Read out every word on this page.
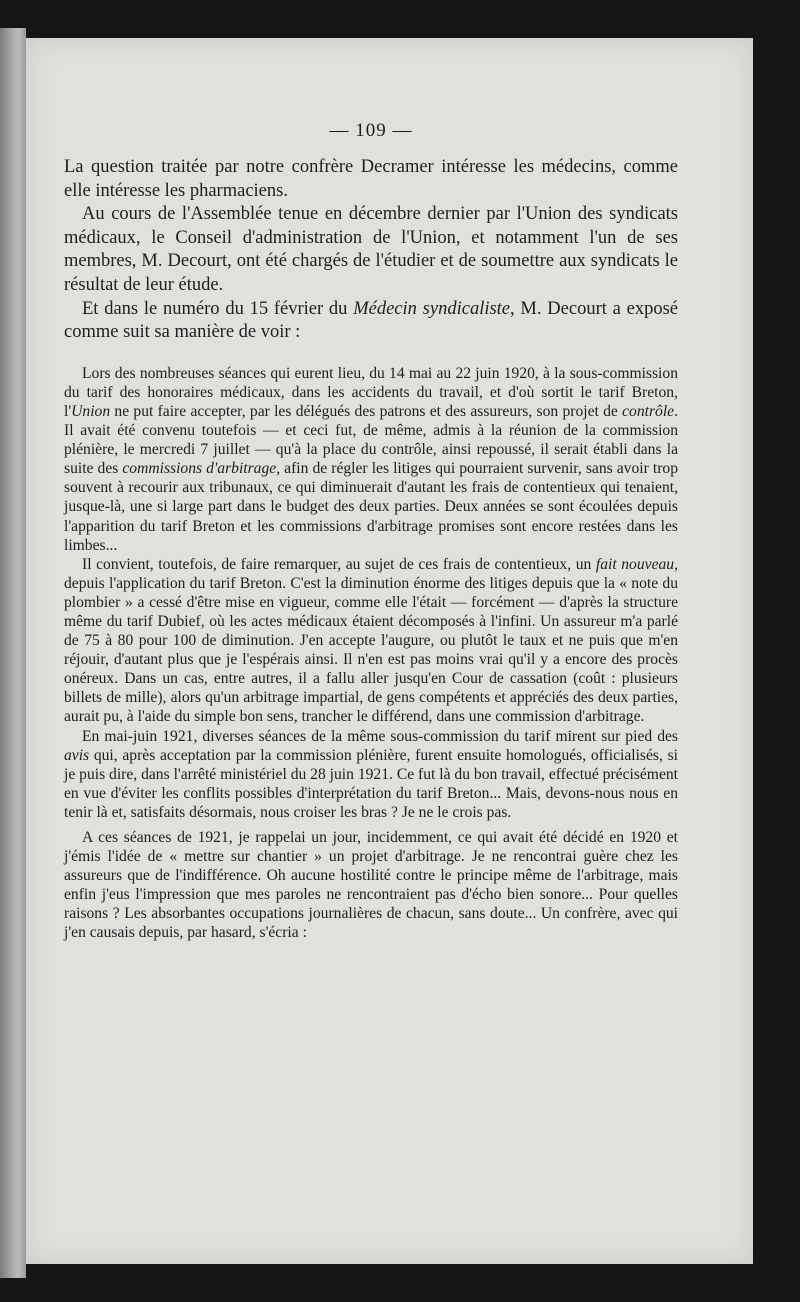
— 109 —

La question traitée par notre confrère Decramer intéresse les médecins, comme elle intéresse les pharmaciens.

Au cours de l'Assemblée tenue en décembre dernier par l'Union des syndicats médicaux, le Conseil d'administration de l'Union, et notamment l'un de ses membres, M. Decourt, ont été chargés de l'étudier et de soumettre aux syndicats le résultat de leur étude.

Et dans le numéro du 15 février du Médecin syndicaliste, M. Decourt a exposé comme suit sa manière de voir :

Lors des nombreuses séances qui eurent lieu, du 14 mai au 22 juin 1920, à la sous-commission du tarif des honoraires médicaux, dans les accidents du travail, et d'où sortit le tarif Breton, l'Union ne put faire accepter, par les délégués des patrons et des assureurs, son projet de contrôle. Il avait été convenu toutefois — et ceci fut, de même, admis à la réunion de la commission plénière, le mercredi 7 juillet — qu'à la place du contrôle, ainsi repoussé, il serait établi dans la suite des commissions d'arbitrage, afin de régler les litiges qui pourraient survenir, sans avoir trop souvent à recourir aux tribunaux, ce qui diminuerait d'autant les frais de contentieux qui tenaient, jusque-là, une si large part dans le budget des deux parties. Deux années se sont écoulées depuis l'apparition du tarif Breton et les commissions d'arbitrage promises sont encore restées dans les limbes...

Il convient, toutefois, de faire remarquer, au sujet de ces frais de contentieux, un fait nouveau, depuis l'application du tarif Breton. C'est la diminution énorme des litiges depuis que la « note du plombier » a cessé d'être mise en vigueur, comme elle l'était — forcément — d'après la structure même du tarif Dubief, où les actes médicaux étaient décomposés à l'infini. Un assureur m'a parlé de 75 à 80 pour 100 de diminution. J'en accepte l'augure, ou plutôt le taux et ne puis que m'en réjouir, d'autant plus que je l'espérais ainsi. Il n'en est pas moins vrai qu'il y a encore des procès onéreux. Dans un cas, entre autres, il a fallu aller jusqu'en Cour de cassation (coût : plusieurs billets de mille), alors qu'un arbitrage impartial, de gens compétents et appréciés des deux parties, aurait pu, à l'aide du simple bon sens, trancher le différend, dans une commission d'arbitrage.

En mai-juin 1921, diverses séances de la même sous-commission du tarif mirent sur pied des avis qui, après acceptation par la commission plénière, furent ensuite homologués, officialisés, si je puis dire, dans l'arrêté ministériel du 28 juin 1921. Ce fut là du bon travail, effectué précisément en vue d'éviter les conflits possibles d'interprétation du tarif Breton... Mais, devons-nous nous en tenir là et, satisfaits désormais, nous croiser les bras ? Je ne le crois pas.

A ces séances de 1921, je rappelai un jour, incidemment, ce qui avait été décidé en 1920 et j'émis l'idée de « mettre sur chantier » un projet d'arbitrage. Je ne rencontrai guère chez les assureurs que de l'indifférence. Oh aucune hostilité contre le principe même de l'arbitrage, mais enfin j'eus l'impression que mes paroles ne rencontraient pas d'écho bien sonore... Pour quelles raisons ? Les absorbantes occupations journalières de chacun, sans doute... Un confrère, avec qui j'en causais depuis, par hasard, s'écria :
